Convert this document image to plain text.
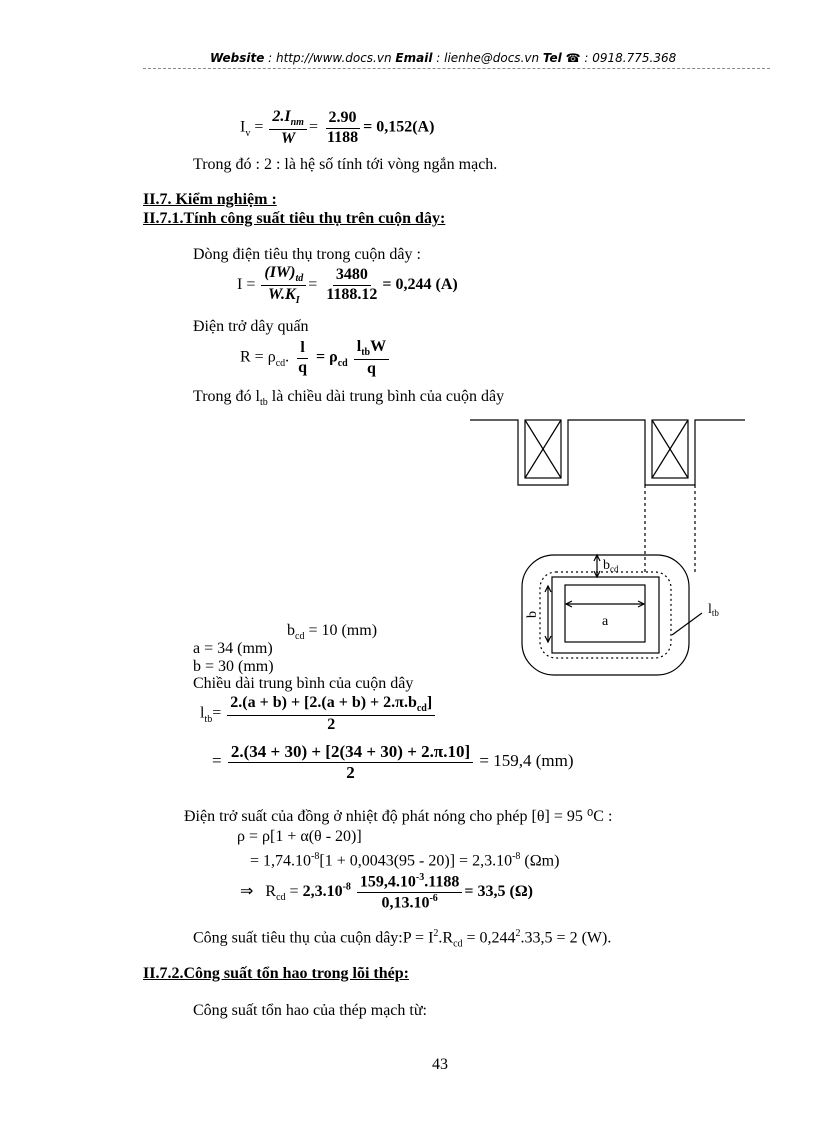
Website : http://www.docs.vn Email : lienhe@docs.vn Tel ☎ : 0918.775.368
$I_v = \frac{2.I_{nm}}{W} = \frac{2.90}{1188} = 0,152(A)$
Trong đó : 2 : là hệ số tính tới vòng ngắn mạch.
II.7. Kiểm nghiệm :
II.7.1.Tính công suất tiêu thụ trên cuộn dây:
Dòng điện tiêu thụ trong cuộn dây :
$I = \frac{(IW)_{td}}{W.K_I} = \frac{3480}{1188.12} = 0,244$ (A)
Điện trở dây quấn
$R = \rho_{cd}$. $\frac{l}{q} = \rho_{cd} \frac{l_{tb}W}{q}$
Trong đó $l_{tb}$ là chiều dài trung bình của cuộn dây
$b_{cd}$
a
b	$l_{tb}$
$b_{cd} = 10$ (mm)
a = 34 (mm)
b = 30 (mm)
Chiều dài trung bình của cuộn dây
$l_{tb}= \frac{2.(a + b) + [2.(a + b) + 2.\pi.b_{cd}]}{2}$
= $\frac{2.(34 + 30) + [2(34 + 30) + 2.\pi.10]}{2} = 159,4$ (mm)
Điện trở suất của đồng ở nhiệt độ phát nóng cho phép [θ] = 95 ⁰C :
ρ = ρ[1 + α(θ - 20)]
= $1,74.10^{-8}[1 + 0,0043(95 - 20)] = 2,3.10^{-8}$ (Ωm)
⇒ $R_{cd} = 2,3.10^{-8} \frac{159,4.10^{-3}.1188}{0,13.10^{-6}} = 33,5$ (Ω)
Công suất tiêu thụ của cuộn dây:P = $I^2.R_{cd} = 0,244^2.33,5 = 2$ (W).
II.7.2.Công suất tổn hao trong lõi thép:
Công suất tổn hao của thép mạch từ:
43
